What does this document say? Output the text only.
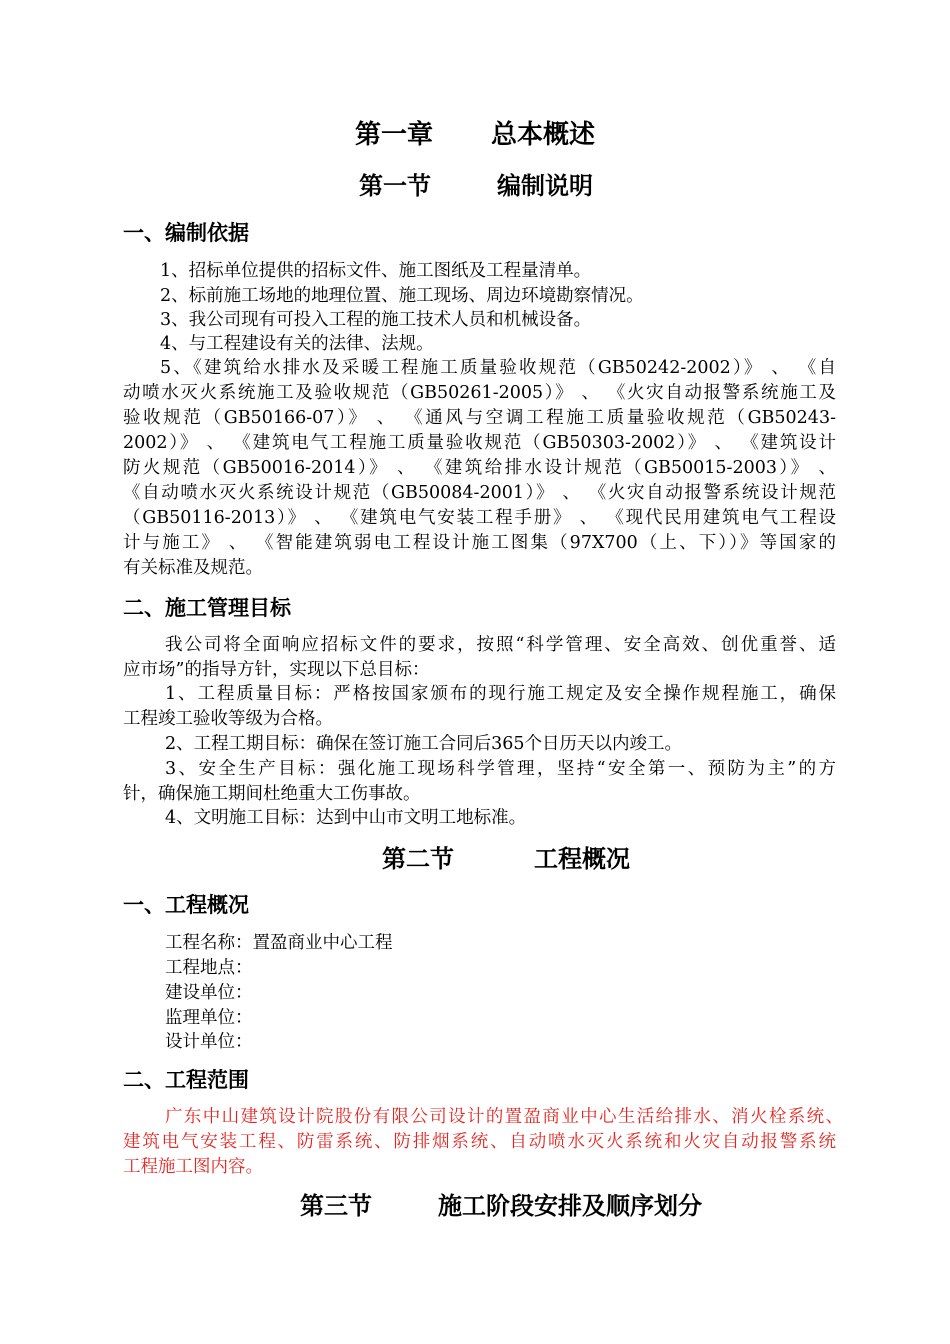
第一章 总本概述
第一节	编制说明
一、编制依据
1、招标单位提供的招标文件、施工图纸及工程量清单。
2、标前施工场地的地理位置、施工现场、周边环境勘察情况。
3、我公司现有可投入工程的施工技术人员和机械设备。
4、与工程建设有关的法律、法规。
5、《建筑给水排水及采暖工程施工质量验收规范（GB50242-2002）》 、 《自
动喷水灭火系统施工及验收规范（GB50261-2005）》 、 《火灾自动报警系统施工及
验收规范（GB50166-07）》 、 《通风与空调工程施工质量验收规范（GB50243-
2002）》 、 《建筑电气工程施工质量验收规范（GB50303-2002）》 、 《建筑设计
防火规范（GB50016-2014）》 、 《建筑给排水设计规范（GB50015-2003）》 、
《自动喷水灭火系统设计规范（GB50084-2001）》 、 《火灾自动报警系统设计规范
（GB50116-2013）》 、 《建筑电气安装工程手册》 、 《现代民用建筑电气工程设
计与施工》 、 《智能建筑弱电工程设计施工图集（97X700（上、下））》等国家的
有关标准及规范。
二、施工管理目标
我公司将全面响应招标文件的要求，按照“科学管理、安全高效、创优重誉、适
应市场”的指导方针，实现以下总目标：
1、工程质量目标：严格按国家颁布的现行施工规定及安全操作规程施工，确保
工程竣工验收等级为合格。
2、工程工期目标：确保在签订施工合同后365个日历天以内竣工。
3、安全生产目标：强化施工现场科学管理，坚持“安全第一、预防为主”的方
针，确保施工期间杜绝重大工伤事故。
4、文明施工目标：达到中山市文明工地标准。
第二节	工程概况
一、工程概况
工程名称：置盈商业中心工程
工程地点：
建设单位：
监理单位：
设计单位：
二、工程范围
广东中山建筑设计院股份有限公司设计的置盈商业中心生活给排水、消火栓系统、
建筑电气安装工程、防雷系统、防排烟系统、自动喷水灭火系统和火灾自动报警系统
工程施工图内容。
第三节	施工阶段安排及顺序划分
